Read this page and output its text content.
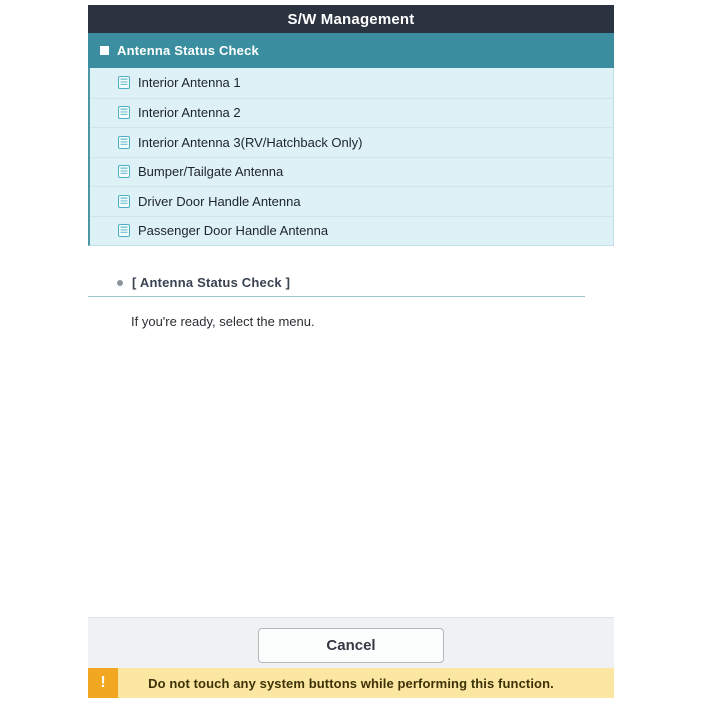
S/W Management
Antenna Status Check
Interior Antenna 1
Interior Antenna 2
Interior Antenna 3(RV/Hatchback Only)
Bumper/Tailgate Antenna
Driver Door Handle Antenna
Passenger Door Handle Antenna
[ Antenna Status Check ]
If you're ready, select the menu.
Cancel
Do not touch any system buttons while performing this function.
!
